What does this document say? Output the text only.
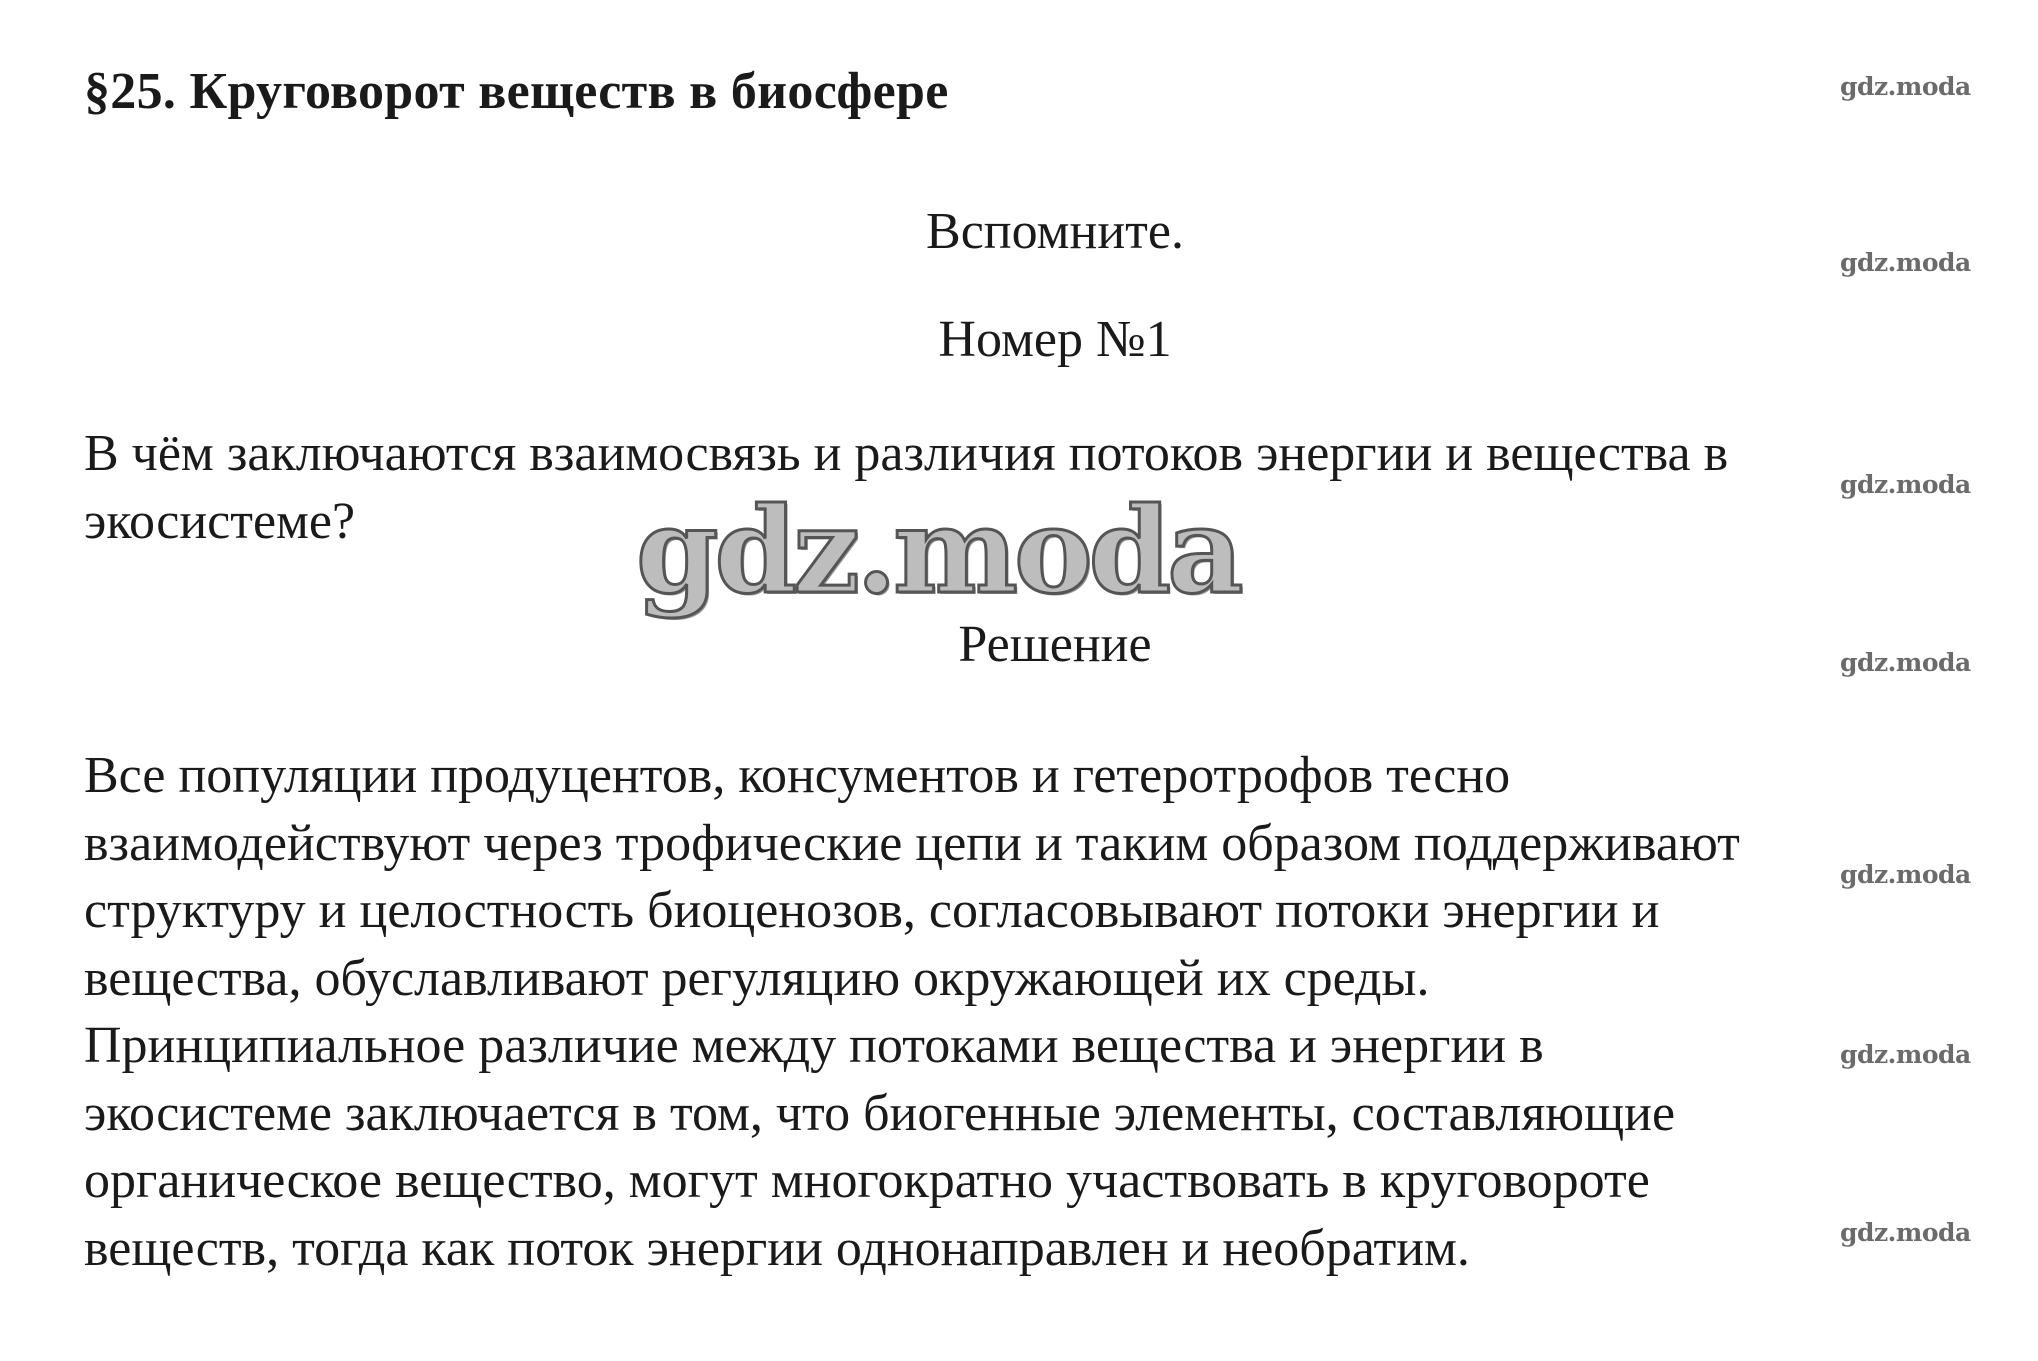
§25. Круговорот веществ в биосфере
Вспомните.
Номер №1
В чём заключаются взаимосвязь и различия потоков энергии и вещества в
экосистеме?	gdz.moda
Решение
Все популяции продуцентов, консументов и гетеротрофов тесно
взаимодействуют через трофические цепи и таким образом поддерживают
структуру и целостность биоценозов, согласовывают потоки энергии и
вещества, обуславливают регуляцию окружающей их среды.
Принципиальное различие между потоками вещества и энергии в
экосистеме заключается в том, что биогенные элементы, составляющие
органическое вещество, могут многократно участвовать в круговороте
веществ, тогда как поток энергии однонаправлен и необратим.
gdz.moda
gdz.moda
gdz.moda
gdz.moda
gdz.moda
gdz.moda
gdz.moda
